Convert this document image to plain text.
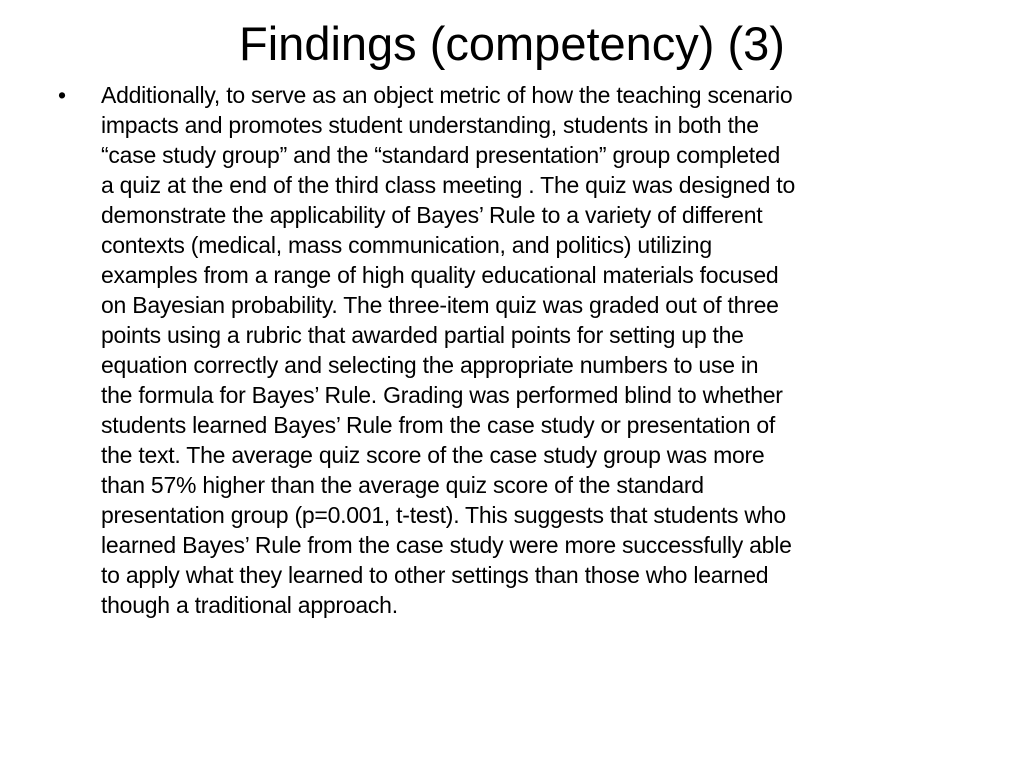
Findings (competency) (3)
•	Additionally, to serve as an object metric of how the teaching scenario
impacts and promotes student understanding, students in both the
“case study group” and the “standard presentation” group completed
a quiz at the end of the third class meeting . The quiz was designed to
demonstrate the applicability of Bayes’ Rule to a variety of different
contexts (medical, mass communication, and politics) utilizing
examples from a range of high quality educational materials focused
on Bayesian probability. The three-item quiz was graded out of three
points using a rubric that awarded partial points for setting up the
equation correctly and selecting the appropriate numbers to use in
the formula for Bayes’ Rule. Grading was performed blind to whether
students learned Bayes’ Rule from the case study or presentation of
the text. The average quiz score of the case study group was more
than 57% higher than the average quiz score of the standard
presentation group (p=0.001, t-test). This suggests that students who
learned Bayes’ Rule from the case study were more successfully able
to apply what they learned to other settings than those who learned
though a traditional approach.
